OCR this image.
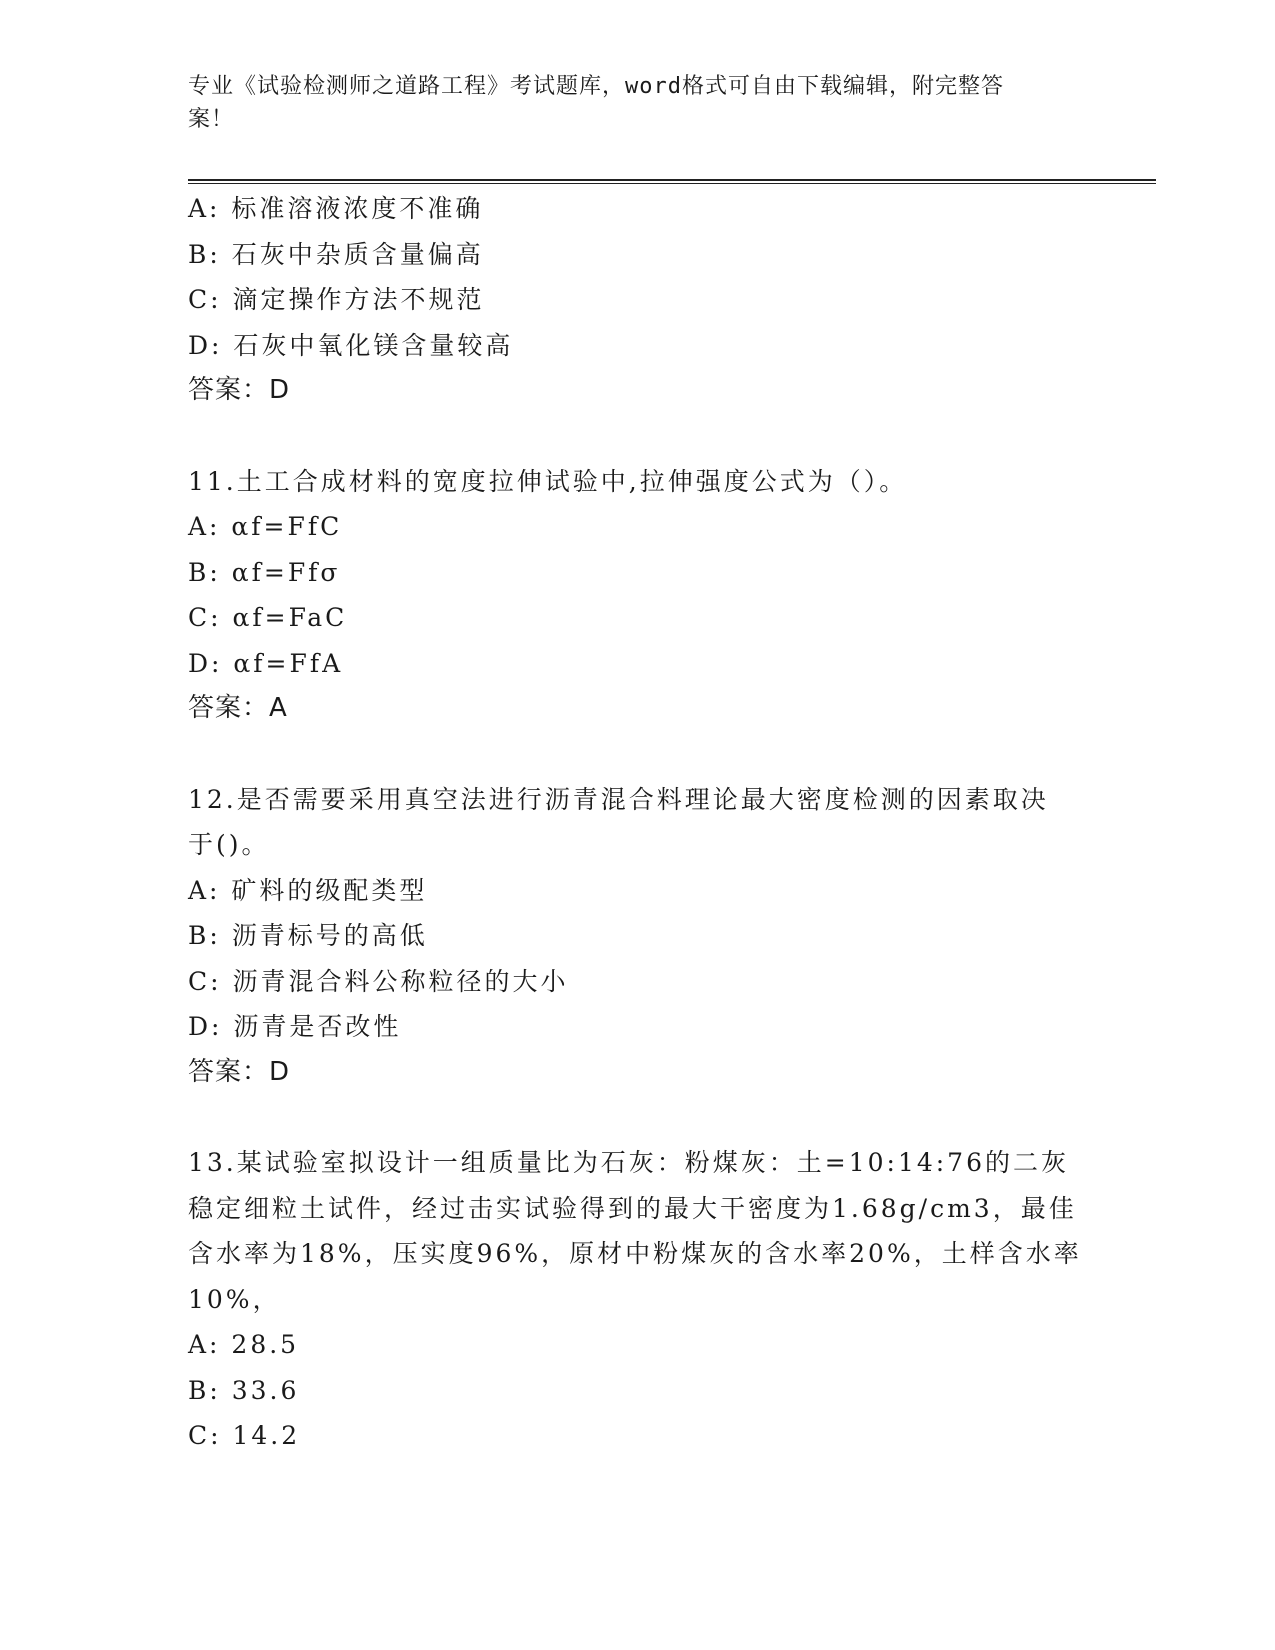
专业《试验检测师之道路工程》考试题库，word格式可自由下载编辑，附完整答

案！

A: 标准溶液浓度不准确

B: 石灰中杂质含量偏高

C: 滴定操作方法不规范

D: 石灰中氧化镁含量较高

答案：D

11.土工合成材料的宽度拉伸试验中,拉伸强度公式为（）。

A: αf=FfC

B: αf=Ffσ

C: αf=FaC

D: αf=FfA

答案：A

12.是否需要采用真空法进行沥青混合料理论最大密度检测的因素取决

于()。

A: 矿料的级配类型

B: 沥青标号的高低

C: 沥青混合料公称粒径的大小

D: 沥青是否改性

答案：D

13.某试验室拟设计一组质量比为石灰：粉煤灰：土=10:14:76的二灰

稳定细粒土试件，经过击实试验得到的最大干密度为1.68g/cm3，最佳

含水率为18%，压实度96%，原材中粉煤灰的含水率20%，土样含水率

10%，

A: 28.5

B: 33.6

C: 14.2
